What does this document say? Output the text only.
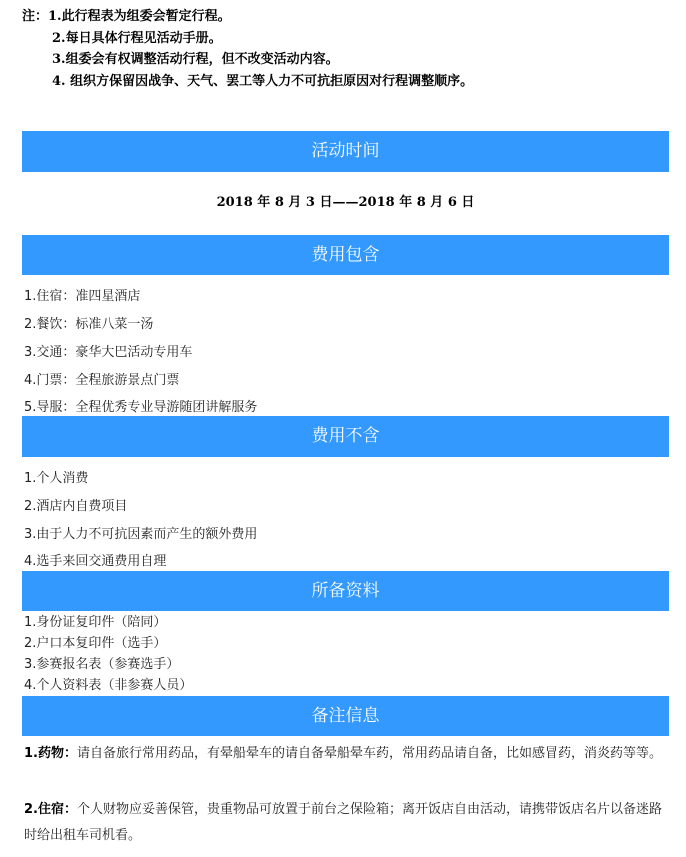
注：1.此行程表为组委会暂定行程。
2.每日具体行程见活动手册。
3.组委会有权调整活动行程，但不改变活动内容。
4. 组织方保留因战争、天气、罢工等人力不可抗拒原因对行程调整顺序。
活动时间
2018 年 8 月 3 日——2018 年 8 月 6 日
费用包含
1.住宿：准四星酒店
2.餐饮：标准八菜一汤
3.交通：豪华大巴活动专用车
4.门票：全程旅游景点门票
5.导服：全程优秀专业导游随团讲解服务
费用不含
1.个人消费
2.酒店内自费项目
3.由于人力不可抗因素而产生的额外费用
4.选手来回交通费用自理
所备资料
1.身份证复印件（陪同）
2.户口本复印件（选手）
3.参赛报名表（参赛选手）
4.个人资料表（非参赛人员）
备注信息
1.药物：请自备旅行常用药品，有晕船晕车的请自备晕船晕车药，常用药品请自备，比如感冒药，消炎药等等。
2.住宿：个人财物应妥善保管，贵重物品可放置于前台之保险箱；离开饭店自由活动，请携带饭店名片以备迷路时给出租车司机看。
